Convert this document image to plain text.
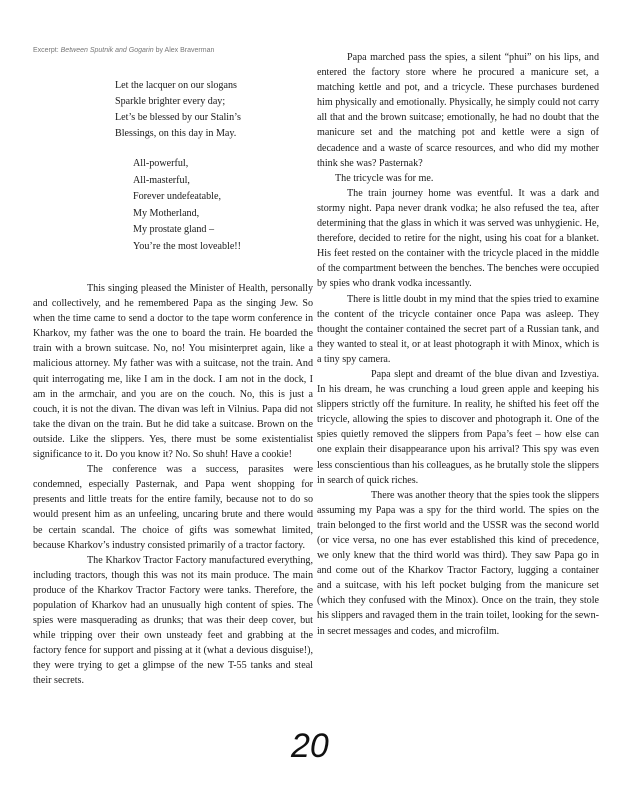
Excerpt: Between Sputnik and Gogarin by Alex Braverman
Let the lacquer on our slogans
Sparkle brighter every day;
Let’s be blessed by our Stalin’s
Blessings, on this day in May.
All-powerful,
All-masterful,
Forever undefeatable,
My Motherland,
My prostate gland –
You’re the most loveable!!

This singing pleased the Minister of Health, personally and collectively, and he remembered Papa as the singing Jew. So when the time came to send a doctor to the tape worm conference in Kharkov, my father was the one to board the train. He boarded the train with a brown suitcase. No, no! You misinterpret again, like a malicious attorney. My father was with a suitcase, not the train. And quit interrogating me, like I am in the dock. I am not in the dock, I am in the armchair, and you are on the couch. No, this is just a couch, it is not the divan. The divan was left in Vilnius. Papa did not take the divan on the train. But he did take a suitcase. Brown on the outside. Like the slippers. Yes, there must be some existentialist significance to it. Do you know it? No. So shuh! Have a cookie!

The conference was a success, parasites were condemned, especially Pasternak, and Papa went shopping for presents and little treats for the entire family, because not to do so would present him as an unfeeling, uncaring brute and there would be certain scandal. The choice of gifts was somewhat limited, because Kharkov’s industry consisted primarily of a tractor factory.

The Kharkov Tractor Factory manufactured everything, including tractors, though this was not its main produce. The main produce of the Kharkov Tractor Factory were tanks. Therefore, the population of Kharkov had an unusually high content of spies. The spies were masquerading as drunks; that was their deep cover, but while tripping over their own unsteady feet and grabbing at the factory fence for support and pissing at it (what a devious disguise!), they were trying to get a glimpse of the new T-55 tanks and steal their secrets.

Papa marched pass the spies, a silent “phui” on his lips, and entered the factory store where he procured a manicure set, a matching kettle and pot, and a tricycle. These purchases burdened him physically and emotionally. Physically, he simply could not carry all that and the brown suitcase; emotionally, he had no doubt that the manicure set and the matching pot and kettle were a sign of decadence and a waste of scarce resources, and who did my mother think she was? Pasternak?

The tricycle was for me.

The train journey home was eventful. It was a dark and stormy night. Papa never drank vodka; he also refused the tea, after determining that the glass in which it was served was unhygienic. He, therefore, decided to retire for the night, using his coat for a blanket. His feet rested on the container with the tricycle placed in the middle of the compartment between the benches. The benches were occupied by spies who drank vodka incessantly.

There is little doubt in my mind that the spies tried to examine the content of the tricycle container once Papa was asleep. They thought the container contained the secret part of a Russian tank, and they wanted to steal it, or at least photograph it with Minox, which is a tiny spy camera.

Papa slept and dreamt of the blue divan and Izvestiya. In his dream, he was crunching a loud green apple and keeping his slippers strictly off the furniture. In reality, he shifted his feet off the tricycle, allowing the spies to discover and photograph it. One of the spies quietly removed the slippers from Papa’s feet – how else can one explain their disappearance upon his arrival? This spy was even less conscientious than his colleagues, as he brutally stole the slippers in search of quick riches.

There was another theory that the spies took the slippers assuming my Papa was a spy for the third world. The spies on the train belonged to the first world and the USSR was the second world (or vice versa, no one has ever established this kind of precedence, we only knew that the third world was third). They saw Papa go in and come out of the Kharkov Tractor Factory, lugging a container and a suitcase, with his left pocket bulging from the manicure set (which they confused with the Minox). Once on the train, they stole his slippers and ravaged them in the train toilet, looking for the sewn-in secret messages and codes, and microfilm.

20
